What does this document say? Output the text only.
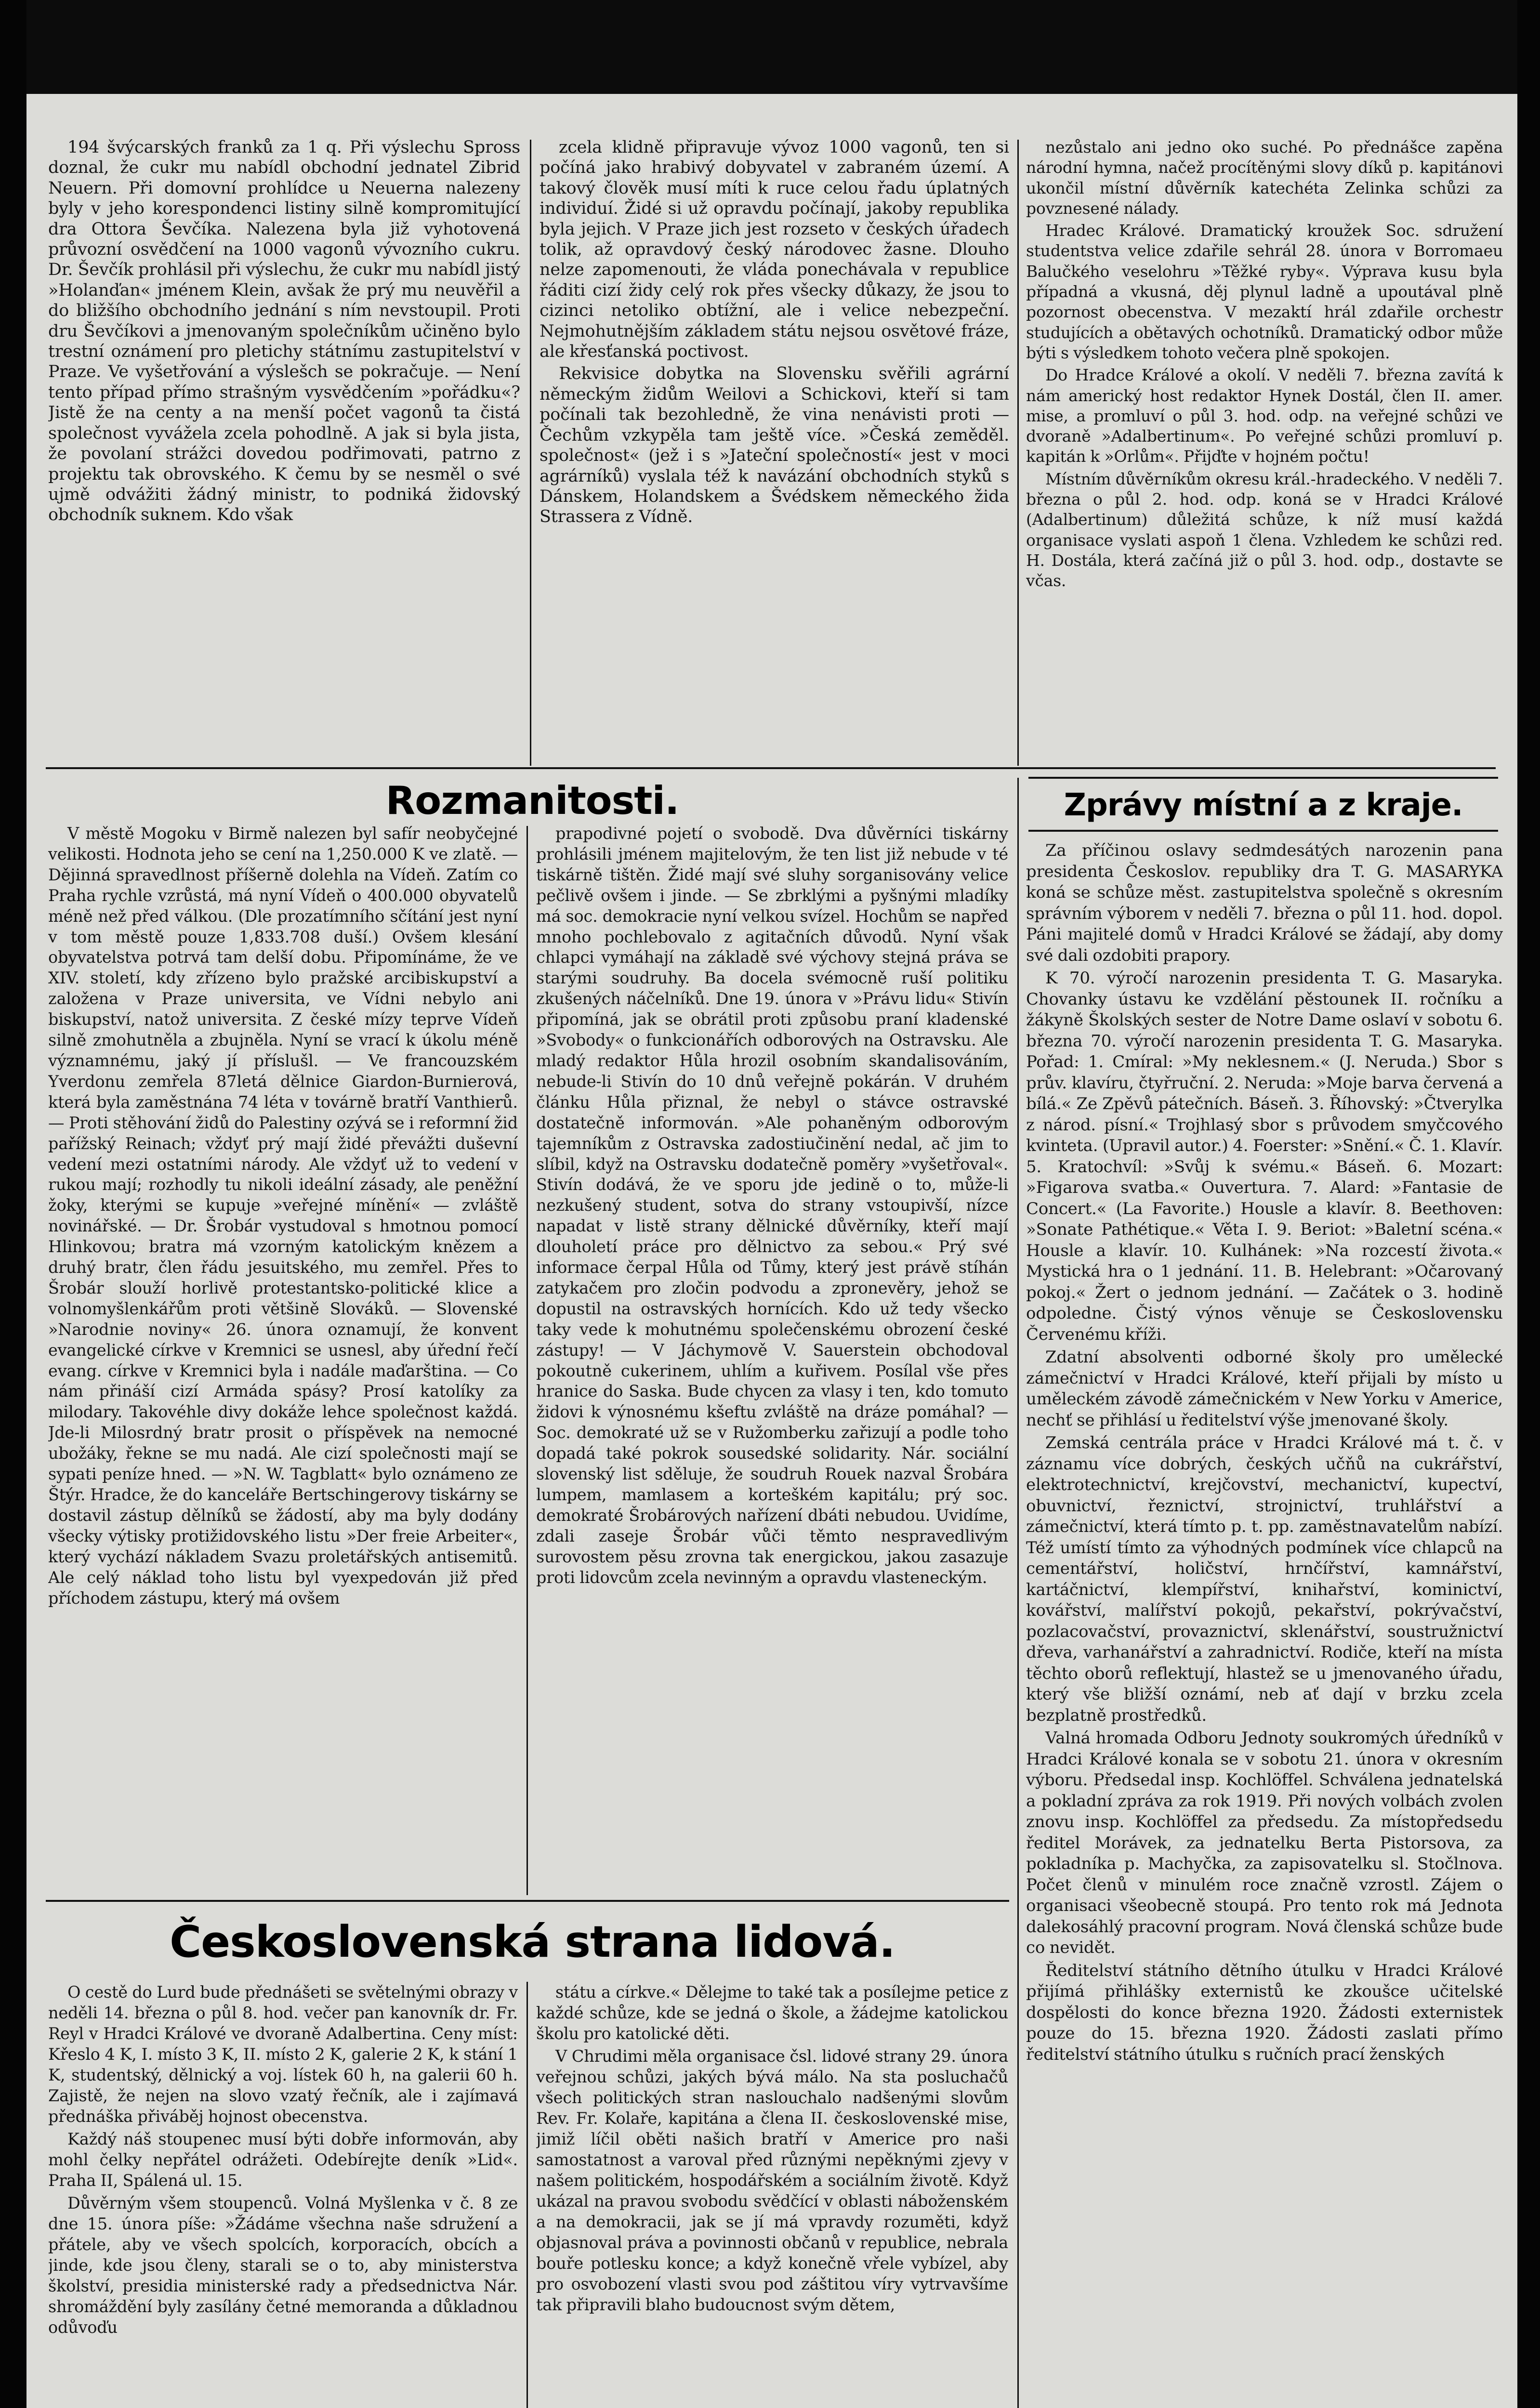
194 švýcarských franků za 1 q. Při výslechu Spross doznal, že cukr mu nabídl obchodní jednatel Zibrid Neuern. Při domovní prohlídce u Neuerna nalezeny byly v jeho korespondenci listiny silně kompromitující dra Ottora Ševčíka. Nalezena byla již vyhotovená průvozní osvědčení na 1000 vagonů vývozního cukru. Dr. Ševčík prohlásil při výslechu, že cukr mu nabídl jistý »Holanďan« jménem Klein, avšak že prý mu neuvěřil a do bližšího obchodního jednání s ním nevstoupil. Proti dru Ševčíkovi a jmenovaným společníkům učiněno bylo trestní oznámení pro pletichy státnímu zastupitelství v Praze. Ve vyšetřování a výslešch se pokračuje. — Není tento případ přímo strašným vysvědčením »pořádku«? Jistě že na centy a na menší počet vagonů ta čistá společnost vyvážela zcela pohodlně. A jak si byla jista, že povolaní strážci dovedou podřimovati, patrno z projektu tak obrovského. K čemu by se nesměl o své ujmě odvážiti žádný ministr, to podniká židovský obchodník suknem. Kdo však

zcela klidně připravuje vývoz 1000 vagonů, ten si počíná jako hrabivý dobyvatel v zabraném území. A takový člověk musí míti k ruce celou řadu úplatných individuí. Židé si už opravdu počínají, jakoby republika byla jejich. V Praze jich jest rozseto v českých úřadech tolik, až opravdový český národovec žasne. Dlouho nelze zapomenouti, že vláda ponechávala v republice řáditi cizí židy celý rok přes všecky důkazy, že jsou to cizinci netoliko obtížní, ale i velice nebezpeční. Nejmohutnějším základem státu nejsou osvětové fráze, ale křesťanská poctivost.

Rekvisice dobytka na Slovensku svěřili agrární německým židům Weilovi a Schickovi, kteří si tam počínali tak bezohledně, že vina nenávisti proti — Čechům vzkypěla tam ještě více. »Česká zeměděl. společnost« (jež i s »Jateční společností« jest v moci agrárníků) vyslala též k navázání obchodních styků s Dánskem, Holandskem a Švédskem německého žida Strassera z Vídně.

nezůstalo ani jedno oko suché. Po přednášce zapěna národní hymna, načež procítěnými slovy díků p. kapitánovi ukončil místní důvěrník katechéta Zelinka schůzi za povznesené nálady.

Hradec Králové. Dramatický kroužek Soc. sdružení studentstva velice zdařile sehrál 28. února v Borromaeu Balučkého veselohru »Těžké ryby«. Výprava kusu byla případná a vkusná, děj plynul ladně a upoutával plně pozornost obecenstva. V mezaktí hrál zdařile orchestr studujících a obětavých ochotníků. Dramatický odbor může býti s výsledkem tohoto večera plně spokojen.

Do Hradce Králové a okolí. V neděli 7. března zavítá k nám americký host redaktor Hynek Dostál, člen II. amer. mise, a promluví o půl 3. hod. odp. na veřejné schůzi ve dvoraně »Adalbertinum«. Po veřejné schůzi promluví p. kapitán k »Orlům«. Přijďte v hojném počtu!

Místním důvěrníkům okresu král.-hradeckého. V neděli 7. března o půl 2. hod. odp. koná se v Hradci Králové (Adalbertinum) důležitá schůze, k níž musí každá organisace vyslati aspoň 1 člena. Vzhledem ke schůzi red. H. Dostála, která začíná již o půl 3. hod. odp., dostavte se včas.

Rozmanitosti.

V městě Mogoku v Birmě nalezen byl safír neobyčejné velikosti. Hodnota jeho se cení na 1,250.000 K ve zlatě. — Dějinná spravedlnost příšerně dolehla na Vídeň. Zatím co Praha rychle vzrůstá, má nyní Vídeň o 400.000 obyvatelů méně než před válkou. (Dle prozatímního sčítání jest nyní v tom městě pouze 1,833.708 duší.) Ovšem klesání obyvatelstva potrvá tam delší dobu. Připomínáme, že ve XIV. století, kdy zřízeno bylo pražské arcibiskupství a založena v Praze universita, ve Vídni nebylo ani biskupství, natož universita. Z české mízy teprve Vídeň silně zmohutněla a zbujněla. Nyní se vrací k úkolu méně významnému, jaký jí příslušl. — Ve francouzském Yverdonu zemřela 87letá dělnice Giardon-Burnierová, která byla zaměstnána 74 léta v továrně bratří Vanthierů. — Proti stěhování židů do Palestiny ozývá se i reformní žid pařížský Reinach; vždyť prý mají židé převážti duševní vedení mezi ostatními národy. Ale vždyť už to vedení v rukou mají; rozhodly tu nikoli ideální zásady, ale peněžní žoky, kterými se kupuje »veřejné mínění« — zvláště novinářské. — Dr. Šrobár vystudoval s hmotnou pomocí Hlinkovou; bratra má vzorným katolickým knězem a druhý bratr, člen řádu jesuitského, mu zemřel. Přes to Šrobár slouží horlivě protestantsko-politické klice a volnomyšlenkářům proti většině Slováků. — Slovenské »Narodnie noviny« 26. února oznamují, že konvent evangelické církve v Kremnici se usnesl, aby úřední řečí evang. církve v Kremnici byla i nadále maďarština. — Co nám přináší cizí Armáda spásy? Prosí katolíky za milodary. Takovéhle divy dokáže lehce společnost každá. Jde-li Milosrdný bratr prosit o příspěvek na nemocné ubožáky, řekne se mu nadá. Ale cizí společnosti mají se sypati peníze hned. — »N. W. Tagblatt« bylo oznámeno ze Štýr. Hradce, že do kanceláře Bertschingerovy tiskárny se dostavil zástup dělníků se žádostí, aby ma byly dodány všecky výtisky protižidovského listu »Der freie Arbeiter«, který vychází nákladem Svazu proletářských antisemitů. Ale celý náklad toho listu byl vyexpedován již před příchodem zástupu, který má ovšem

prapodivné pojetí o svobodě. Dva důvěrníci tiskárny prohlásili jménem majitelovým, že ten list již nebude v té tiskárně tištěn. Židé mají své sluhy sorganisovány velice pečlivě ovšem i jinde. — Se zbrklými a pyšnými mladíky má soc. demokracie nyní velkou svízel. Hochům se napřed mnoho pochlebovalo z agitačních důvodů. Nyní však chlapci vymáhají na základě své výchovy stejná práva se starými soudruhy. Ba docela svémocně ruší politiku zkušených náčelníků. Dne 19. února v »Právu lidu« Stivín připomíná, jak se obrátil proti způsobu praní kladenské »Svobody« o funkcionářích odborových na Ostravsku. Ale mladý redaktor Hůla hrozil osobním skandalisováním, nebude-li Stivín do 10 dnů veřejně pokárán. V druhém článku Hůla přiznal, že nebyl o stávce ostravské dostatečně informován. »Ale pohaněným odborovým tajemníkům z Ostravska zadostiučinění nedal, ač jim to slíbil, když na Ostravsku dodatečně poměry »vyšetřoval«. Stivín dodává, že ve sporu jde jedině o to, může-li nezkušený student, sotva do strany vstoupivší, nízce napadat v listě strany dělnické důvěrníky, kteří mají dlouholetí práce pro dělnictvo za sebou.« Prý své informace čerpal Hůla od Tůmy, který jest právě stíhán zatykačem pro zločin podvodu a zpronevěry, jehož se dopustil na ostravských hornících. Kdo už tedy všecko taky vede k mohutnému společenskému obrození české zástupy! — V Jáchymově V. Sauerstein obchodoval pokoutně cukerinem, uhlím a kuřivem. Posílal vše přes hranice do Saska. Bude chycen za vlasy i ten, kdo tomuto židovi k výnosnému kšeftu zvláště na dráze pomáhal? — Soc. demokraté už se v Ružomberku zařizují a podle toho dopadá také pokrok sousedské solidarity. Nár. sociální slovenský list sděluje, že soudruh Rouek nazval Šrobára lumpem, mamlasem a korteškém kapitálu; prý soc. demokraté Šrobárových nařízení dbáti nebudou. Uvidíme, zdali zaseje Šrobár vůči těmto nespravedlivým surovostem pěsu zrovna tak energickou, jakou zasazuje proti lidovcům zcela nevinným a opravdu vlasteneckým.

Zprávy místní a z kraje.

Za příčinou oslavy sedmdesátých narozenin pana presidenta Českoslov. republiky dra T. G. MASARYKA koná se schůze měst. zastupitelstva společně s okresním správním výborem v neděli 7. března o půl 11. hod. dopol. Páni majitelé domů v Hradci Králové se žádají, aby domy své dali ozdobiti prapory.

K 70. výročí narozenin presidenta T. G. Masaryka. Chovanky ústavu ke vzdělání pěstounek II. ročníku a žákyně Školských sester de Notre Dame oslaví v sobotu 6. března 70. výročí narozenin presidenta T. G. Masaryka. Pořad: 1. Cmíral: »My neklesnem.« (J. Neruda.) Sbor s prův. klavíru, čtyřruční. 2. Neruda: »Moje barva červená a bílá.« Ze Zpěvů pátečních. Báseň. 3. Říhovský: »Čtverylka z národ. písní.« Trojhlasý sbor s průvodem smyčcového kvinteta. (Upravil autor.) 4. Foerster: »Snění.« Č. 1. Klavír. 5. Kratochvíl: »Svůj k svému.« Báseň. 6. Mozart: »Figarova svatba.« Ouvertura. 7. Alard: »Fantasie de Concert.« (La Favorite.) Housle a klavír. 8. Beethoven: »Sonate Pathétique.« Věta I. 9. Beriot: »Baletní scéna.« Housle a klavír. 10. Kulhánek: »Na rozcestí života.« Mystická hra o 1 jednání. 11. B. Helebrant: »Očarovaný pokoj.« Žert o jednom jednání. — Začátek o 3. hodině odpoledne. Čistý výnos věnuje se Československu Červenému kříži.

Zdatní absolventi odborné školy pro umělecké zámečnictví v Hradci Králové, kteří přijali by místo u uměleckém závodě zámečnickém v New Yorku v Americe, nechť se přihlásí u ředitelství výše jmenované školy.

Zemská centrála práce v Hradci Králové má t. č. v záznamu více dobrých, českých učňů na cukrářství, elektrotechnictví, krejčovství, mechanictví, kupectví, obuvnictví, řeznictví, strojnictví, truhlářství a zámečnictví, která tímto p. t. pp. zaměstnavatelům nabízí. Též umístí tímto za výhodných podmínek více chlapců na cementářství, holičství, hrnčířství, kamnářství, kartáčnictví, klempířství, knihařství, kominictví, kovářství, malířství pokojů, pekařství, pokrývačství, pozlacovačství, provaznictví, sklenářství, soustružnictví dřeva, varhanářství a zahradnictví. Rodiče, kteří na místa těchto oborů reflektují, hlastež se u jmenovaného úřadu, který vše bližší oznámí, neb ať dají v brzku zcela bezplatně prostředků.

Valná hromada Odboru Jednoty soukromých úředníků v Hradci Králové konala se v sobotu 21. února v okresním výboru. Předsedal insp. Kochlöffel. Schválena jednatelská a pokladní zpráva za rok 1919. Při nových volbách zvolen znovu insp. Kochlöffel za předsedu. Za místopředsedu ředitel Morávek, za jednatelku Berta Pistorsova, za pokladníka p. Machyčka, za zapisovatelku sl. Stočlnova. Počet členů v minulém roce značně vzrostl. Zájem o organisaci všeobecně stoupá. Pro tento rok má Jednota dalekosáhlý pracovní program. Nová členská schůze bude co nevidět.

Ředitelství státního dětního útulku v Hradci Králové přijímá přihlášky externistů ke zkoušce učitelské dospělosti do konce března 1920. Žádosti externistek pouze do 15. března 1920. Žádosti zaslati přímo ředitelství státního útulku s ručních prací ženských

Československá strana lidová.

O cestě do Lurd bude přednášeti se světelnými obrazy v neděli 14. března o půl 8. hod. večer pan kanovník dr. Fr. Reyl v Hradci Králové ve dvoraně Adalbertina. Ceny míst: Křeslo 4 K, I. místo 3 K, II. místo 2 K, galerie 2 K, k stání 1 K, studentský, dělnický a voj. lístek 60 h, na galerii 60 h. Zajistě, že nejen na slovo vzatý řečník, ale i zajímavá přednáška přiváběj hojnost obecenstva.

Každý náš stoupenec musí býti dobře informován, aby mohl čelky nepřátel odrážeti. Odebírejte deník »Lid«. Praha II, Spálená ul. 15.

Důvěrným všem stoupenců. Volná Myšlenka v č. 8 ze dne 15. února píše: »Žádáme všechna naše sdružení a přátele, aby ve všech spolcích, korporacích, obcích a jinde, kde jsou členy, starali se o to, aby ministerstva školství, presidia ministerské rady a předsednictva Nár. shromáždění byly zasílány četné memoranda a důkladnou odůvoďu

státu a církve.« Dělejme to také tak a posílejme petice z každé schůze, kde se jedná o škole, a žádejme katolickou školu pro katolické děti.

V Chrudimi měla organisace čsl. lidové strany 29. února veřejnou schůzi, jakých bývá málo. Na sta posluchačů všech politických stran naslouchalo nadšenými slovům Rev. Fr. Kolaře, kapitána a člena II. československé mise, jimiž líčil oběti našich bratří v Americe pro naši samostatnost a varoval před různými nepěknými zjevy v našem politickém, hospodářském a sociálním životě. Když ukázal na pravou svobodu svědčící v oblasti náboženském a na demokracii, jak se jí má vpravdy rozuměti, když objasnoval práva a povinnosti občanů v republice, nebrala bouře potlesku konce; a když konečně vřele vybízel, aby pro osvobození vlasti svou pod záštitou víry vytrvavšíme tak připravili blaho budoucnost svým dětem,
